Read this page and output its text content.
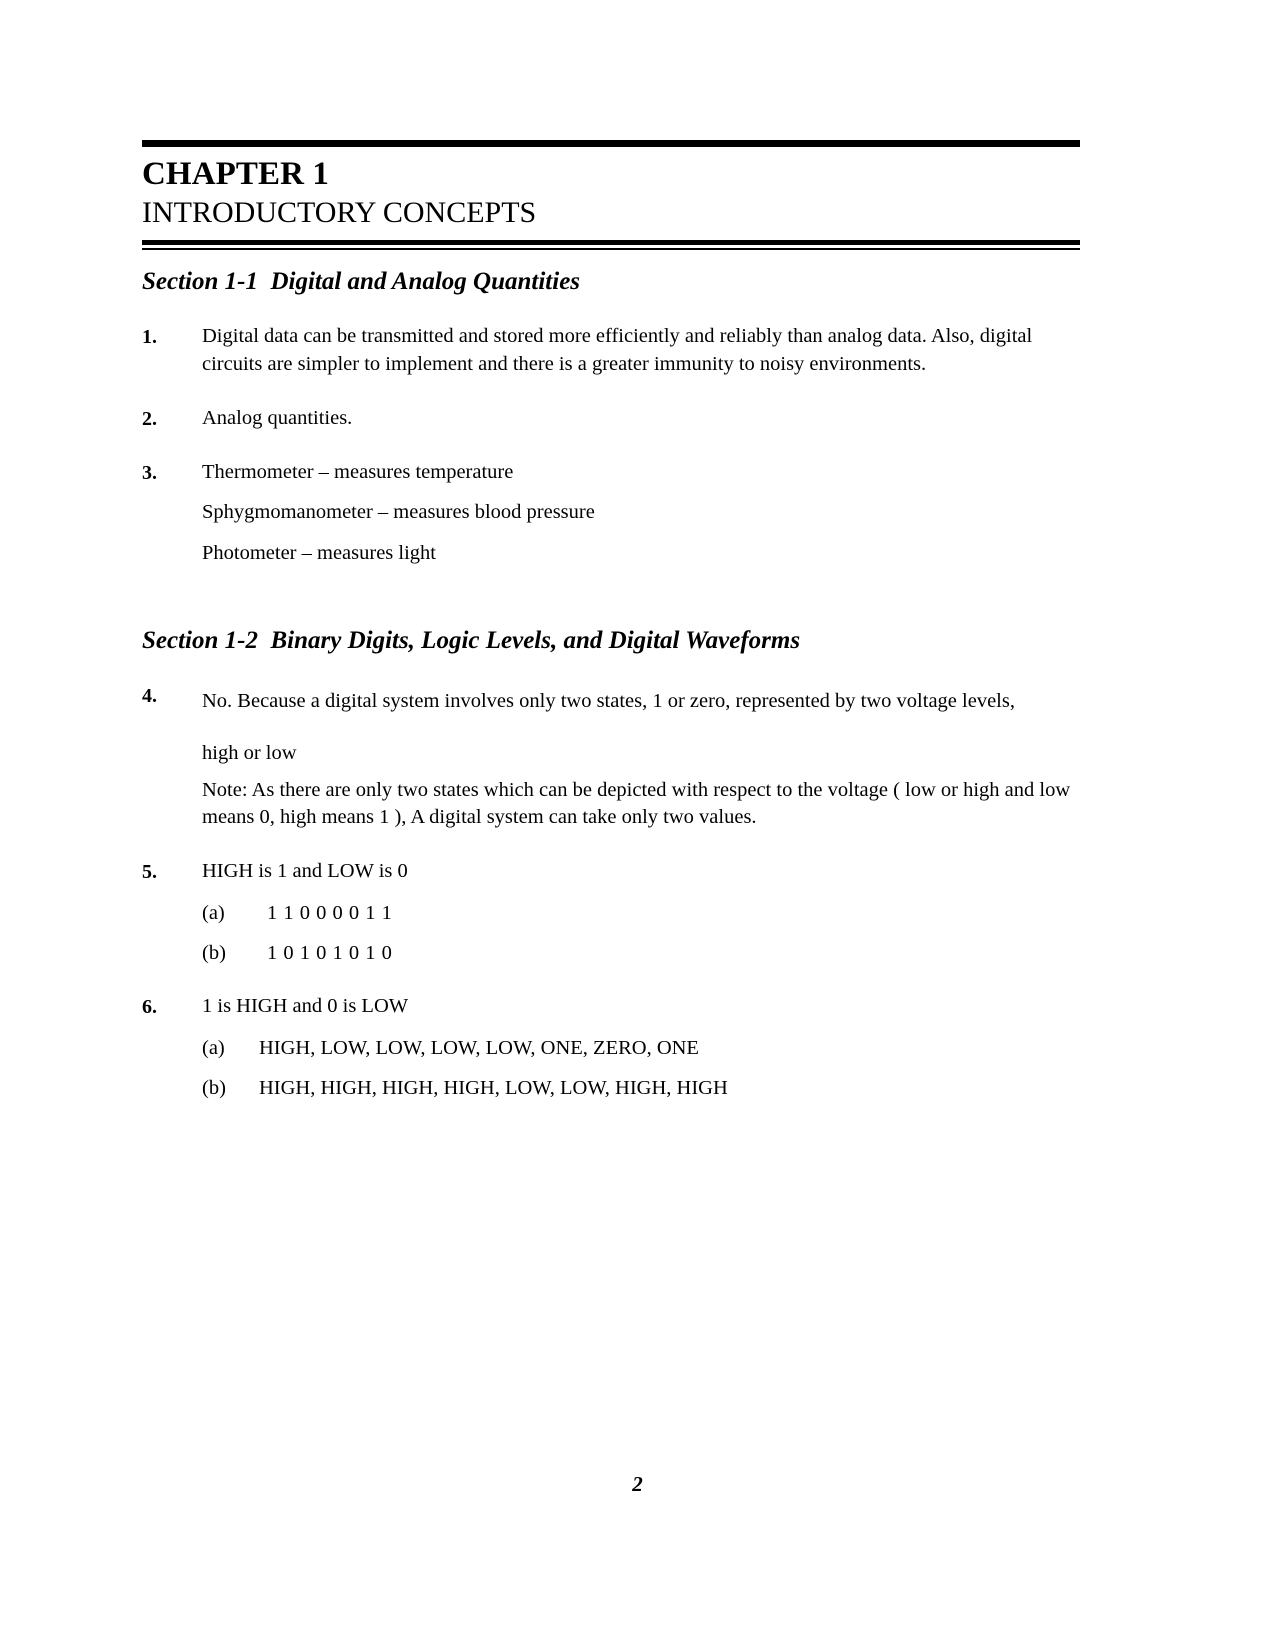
CHAPTER 1
INTRODUCTORY CONCEPTS
Section 1-1  Digital and Analog Quantities
1.	Digital data can be transmitted and stored more efficiently and reliably than analog data. Also, digital circuits are simpler to implement and there is a greater immunity to noisy environments.

2.	Analog quantities.

3.	Thermometer – measures temperature

Sphygmomanometer – measures blood pressure

Photometer – measures light

Section 1-2  Binary Digits, Logic Levels, and Digital Waveforms
4.	No. Because a digital system involves only two states, 1 or zero, represented by two voltage levels,

high or low

Note: As there are only two states which can be depicted with respect to the voltage ( low or high and low means 0, high means 1 ), A digital system can take only two values.

5.	HIGH is 1 and LOW is 0

(a)	1 1 0 0 0 0 1 1
(b)	1 0 1 0 1 0 1 0
6.	1 is HIGH and 0 is LOW

(a)	HIGH, LOW, LOW, LOW, LOW, ONE, ZERO, ONE
(b)	HIGH, HIGH, HIGH, HIGH, LOW, LOW, HIGH, HIGH
2
